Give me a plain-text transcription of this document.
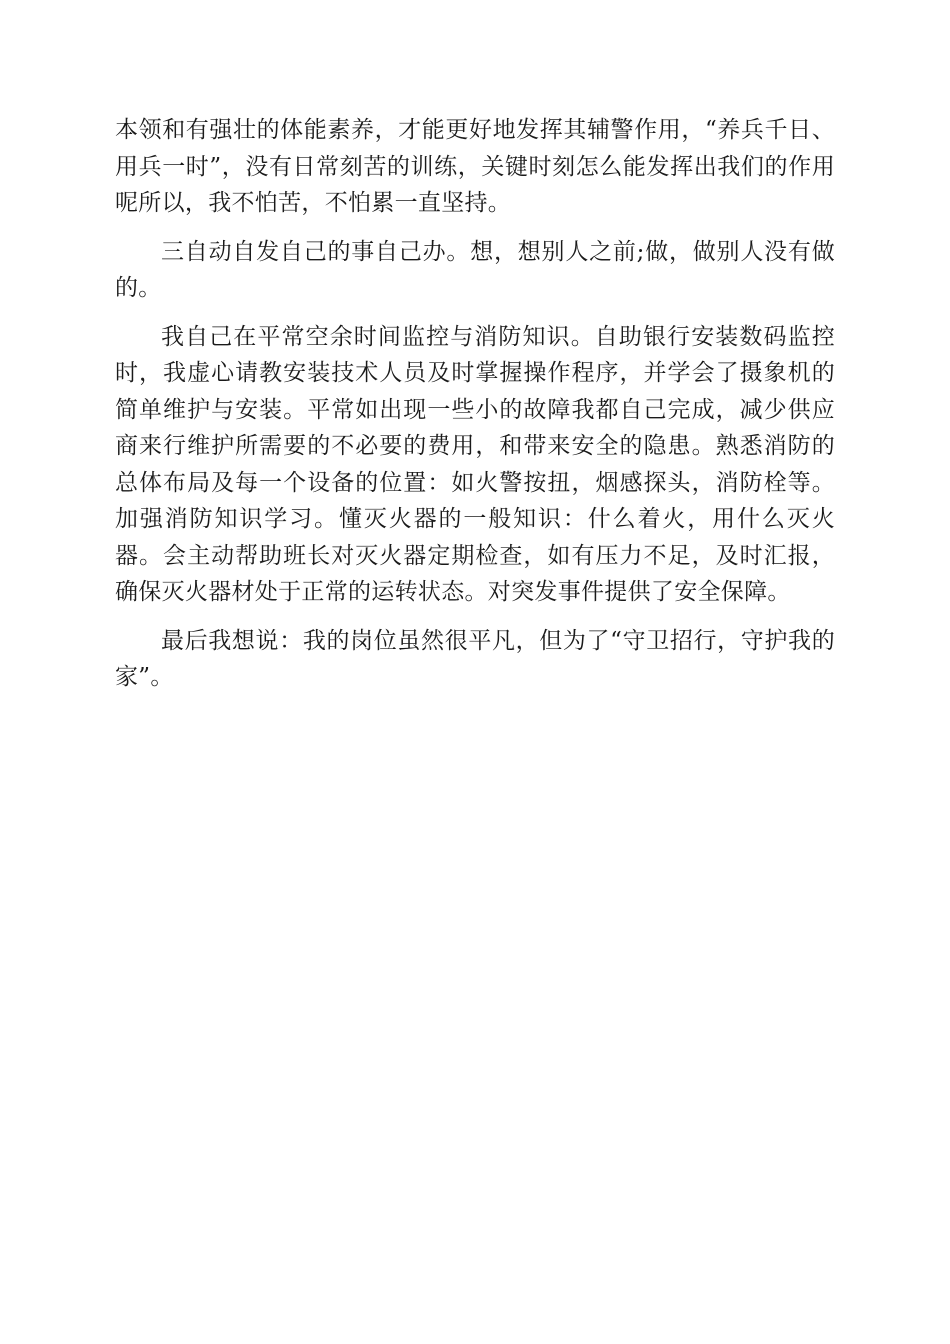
本领和有强壮的体能素养，才能更好地发挥其辅警作用，“养兵千日、用兵一时”，没有日常刻苦的训练，关键时刻怎么能发挥出我们的作用呢所以，我不怕苦，不怕累一直坚持。

三自动自发自己的事自己办。想，想别人之前;做，做别人没有做的。

我自己在平常空余时间监控与消防知识。自助银行安装数码监控时，我虚心请教安装技术人员及时掌握操作程序，并学会了摄象机的简单维护与安装。平常如出现一些小的故障我都自己完成，减少供应商来行维护所需要的不必要的费用，和带来安全的隐患。熟悉消防的总体布局及每一个设备的位置：如火警按扭，烟感探头，消防栓等。加强消防知识学习。懂灭火器的一般知识：什么着火，用什么灭火器。会主动帮助班长对灭火器定期检查，如有压力不足，及时汇报，确保灭火器材处于正常的运转状态。对突发事件提供了安全保障。

最后我想说：我的岗位虽然很平凡，但为了“守卫招行，守护我的家”。
